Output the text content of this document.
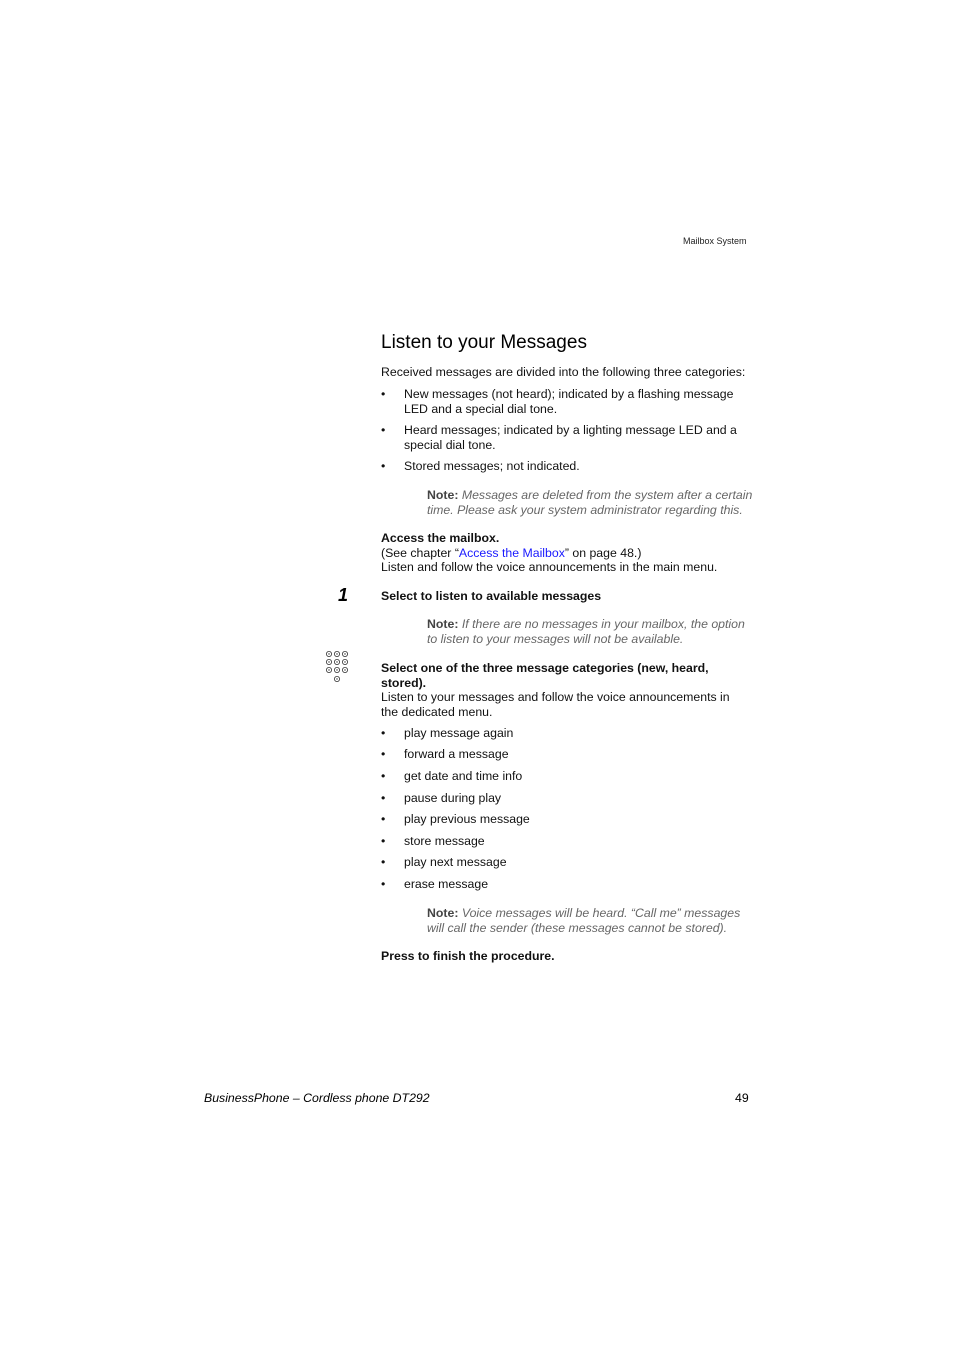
Mailbox System
Listen to your Messages
Received messages are divided into the following three categories:
•	New messages (not heard); indicated by a flashing message
LED and a special dial tone.
•	Heard messages; indicated by a lighting message LED and a
special dial tone.
•	Stored messages; not indicated.
Note: Messages are deleted from the system after a certain
time. Please ask your system administrator regarding this.
Access the mailbox.
(See chapter “Access the Mailbox” on page 48.)
Listen and follow the voice announcements in the main menu.
1	Select to listen to available messages
Note: If there are no messages in your mailbox, the option
to listen to your messages will not be available.
Select one of the three message categories (new, heard,
stored).
Listen to your messages and follow the voice announcements in
the dedicated menu.
•	play message again
•	forward a message
•	get date and time info
•	pause during play
•	play previous message
•	store message
•	play next message
•	erase message
Note: Voice messages will be heard. “Call me” messages
will call the sender (these messages cannot be stored).
Press to finish the procedure.
BusinessPhone – Cordless phone DT292	49
